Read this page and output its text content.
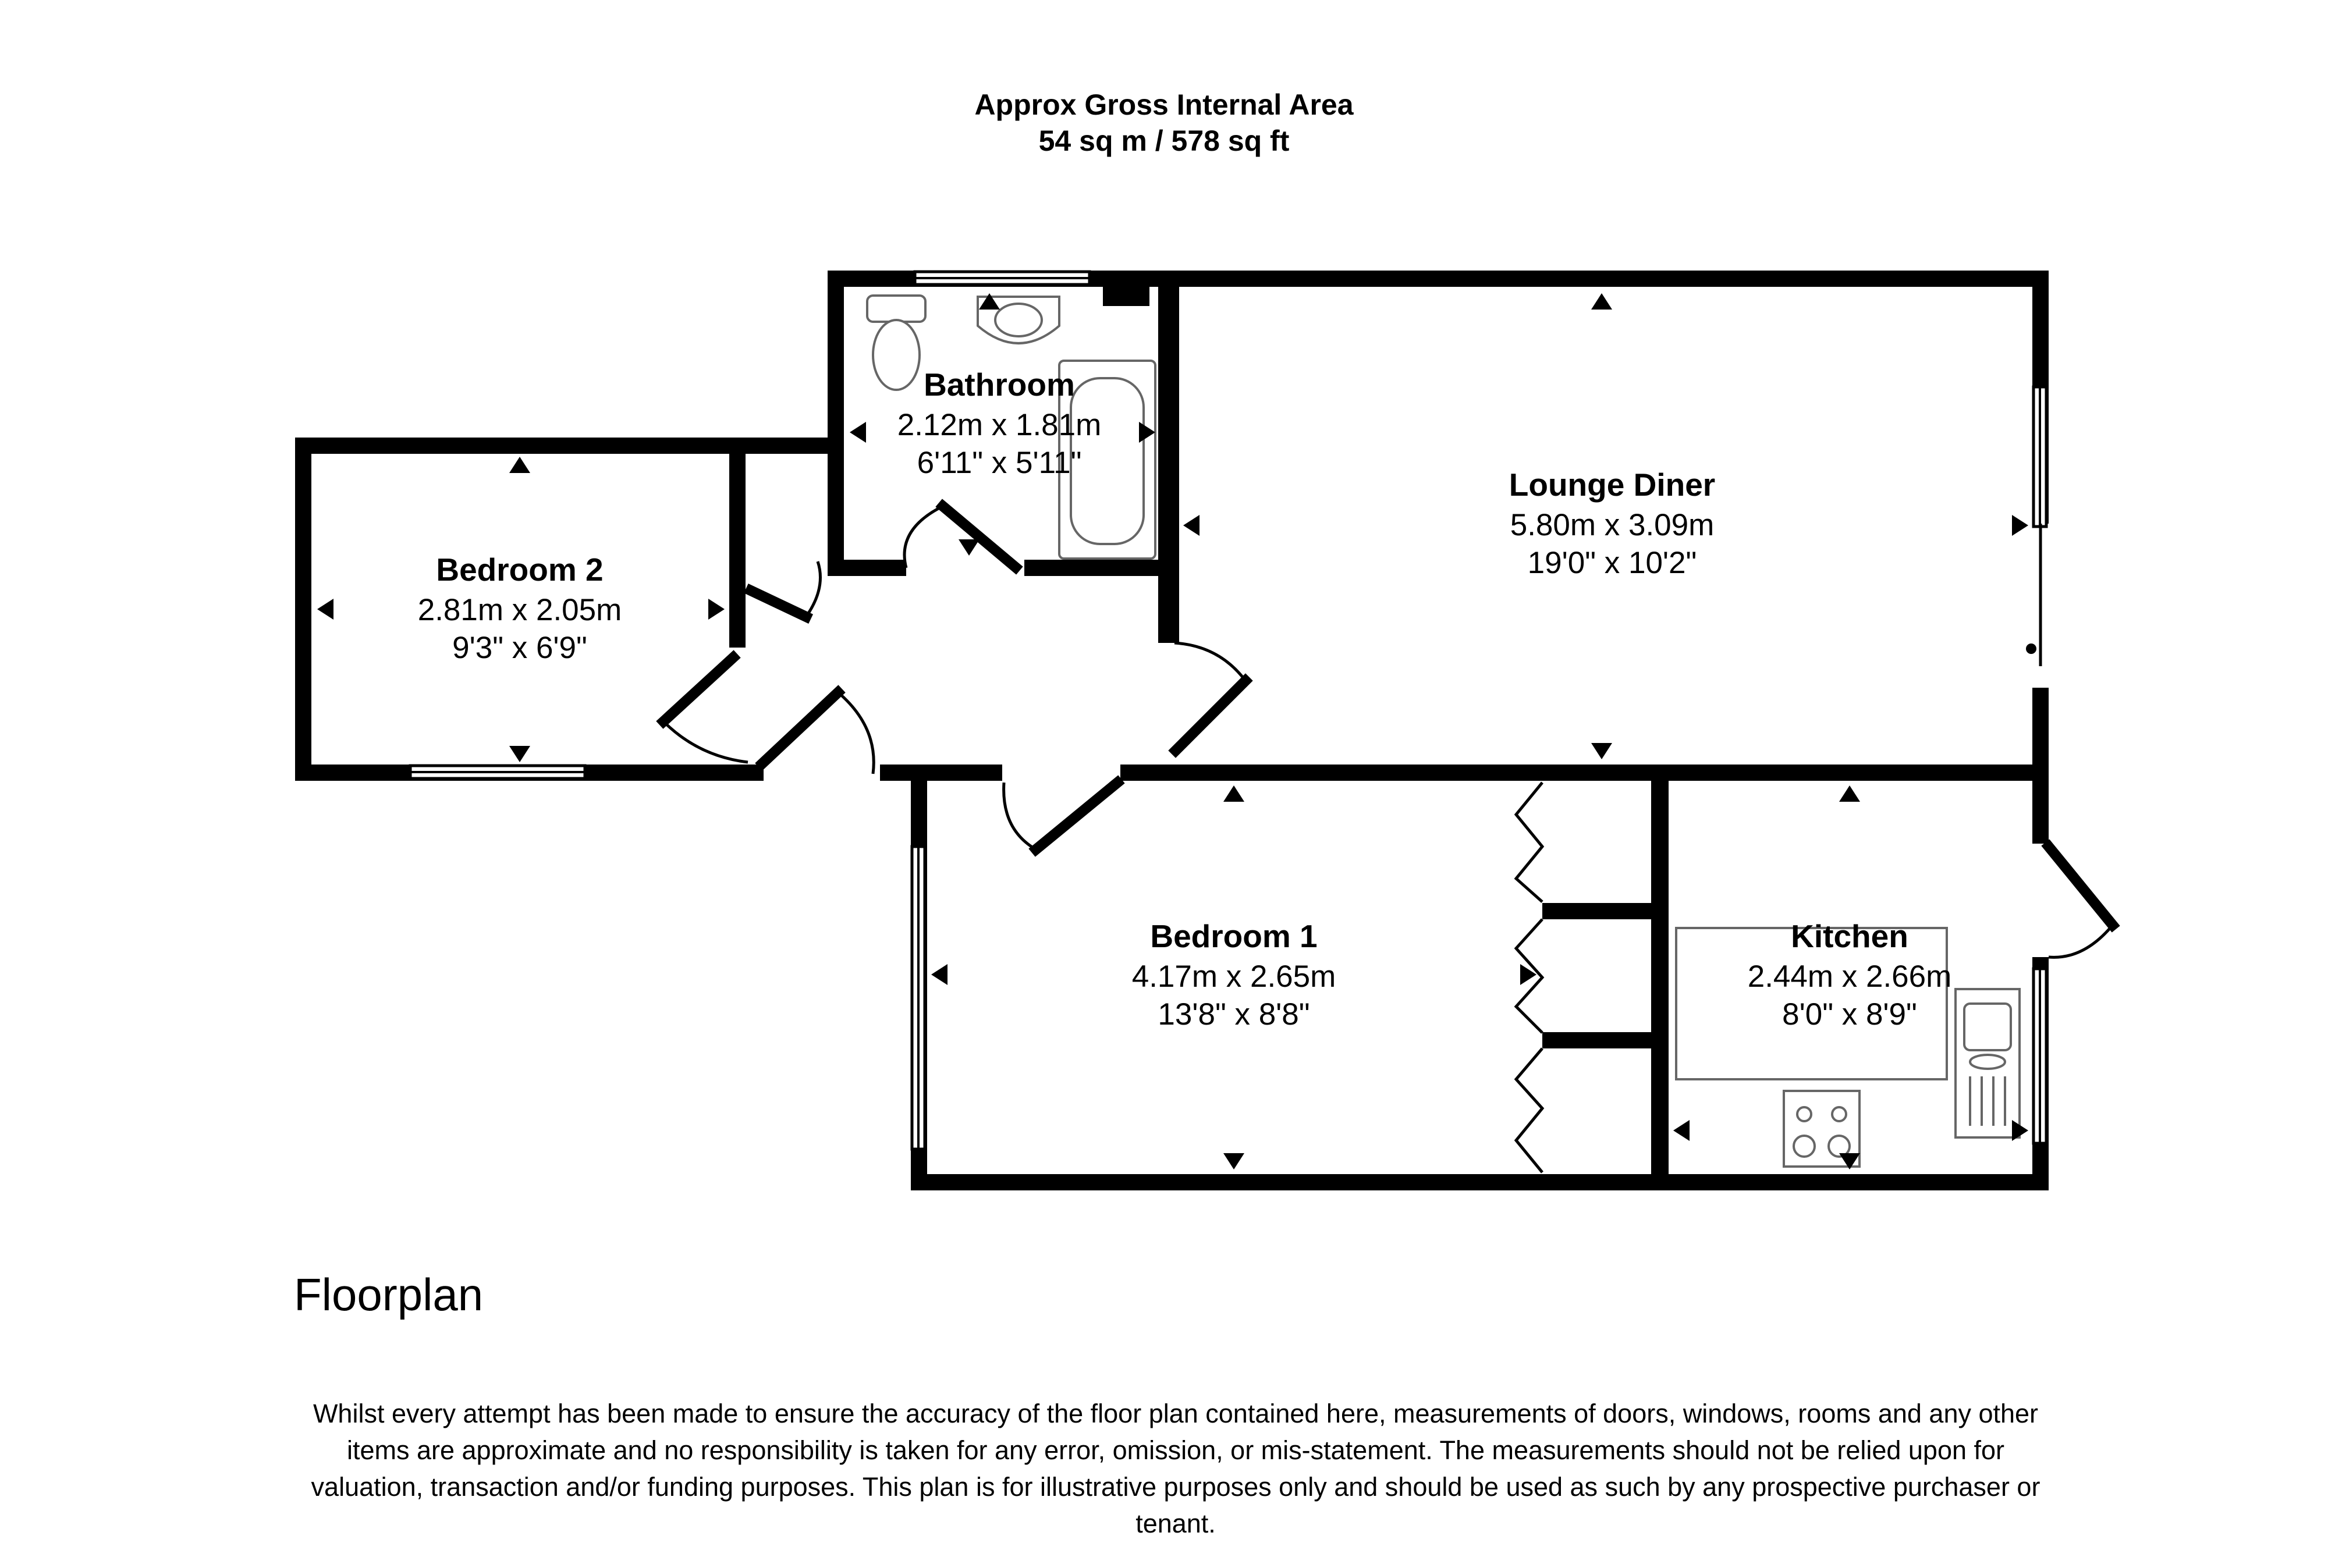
Approx Gross Internal Area
54 sq m / 578 sq ft
Bathroom
2.12m x 1.81m
6'11" x 5'11"
Lounge Diner
5.80m x 3.09m
19'0" x 10'2"
Bedroom 2
2.81m x 2.05m
9'3" x 6'9"
Bedroom 1
4.17m x 2.65m
13'8" x 8'8"
Kitchen
2.44m x 2.66m
8'0" x 8'9"
Floorplan
Whilst every attempt has been made to ensure the accuracy of the floor plan contained here, measurements of doors, windows, rooms and any other items are approximate and no responsibility is taken for any error, omission, or mis-statement. The measurements should not be relied upon for valuation, transaction and/or funding purposes. This plan is for illustrative purposes only and should be used as such by any prospective purchaser or tenant.
